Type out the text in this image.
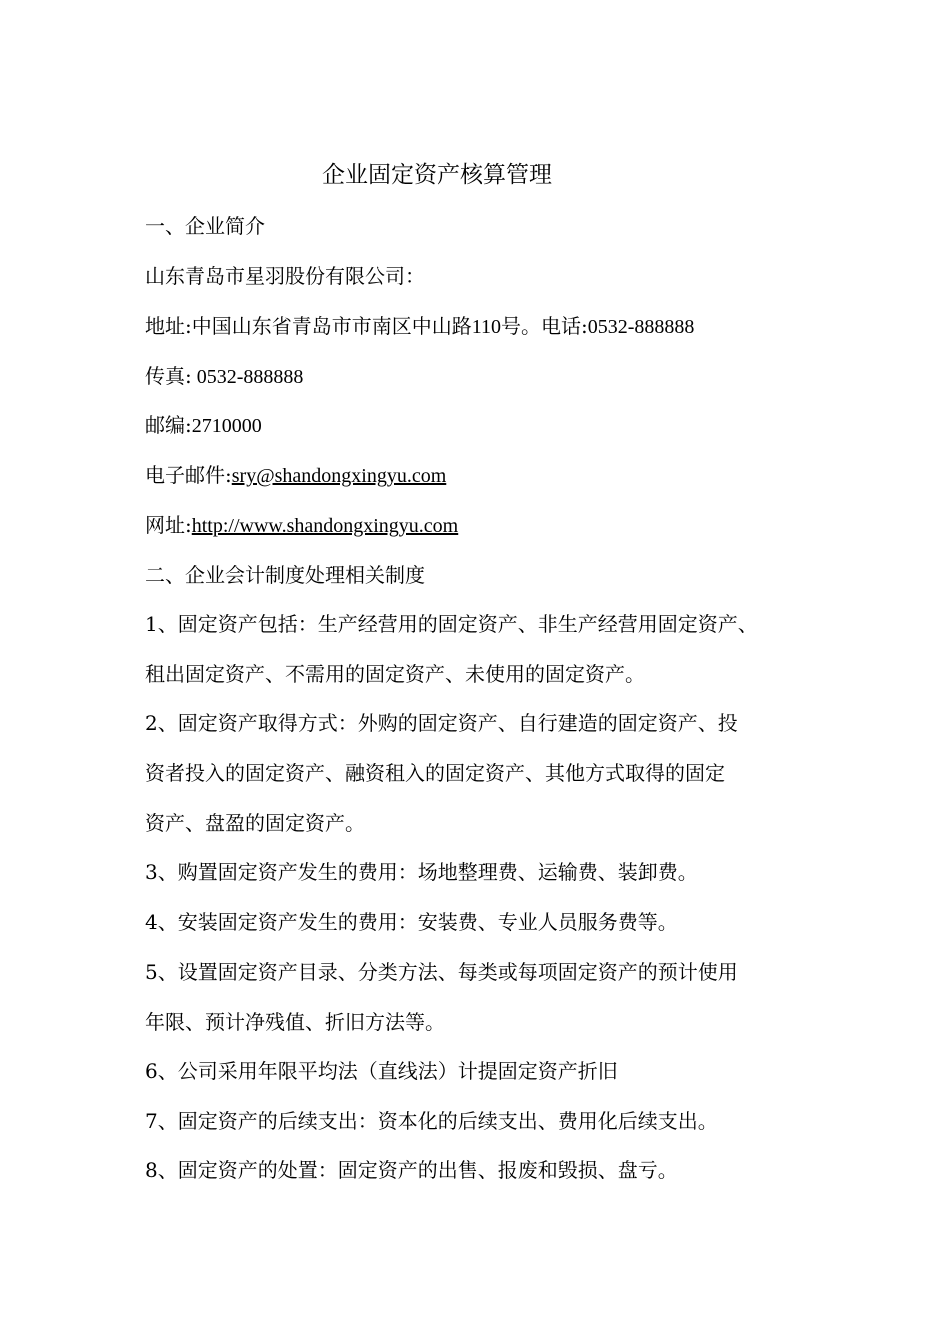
企业固定资产核算管理
一、企业简介
山东青岛市星羽股份有限公司：
地址:中国山东省青岛市市南区中山路110号。电话:0532-888888
传真: 0532-888888
邮编:2710000
电子邮件:sry@shandongxingyu.com
网址:http://www.shandongxingyu.com
二、企业会计制度处理相关制度
1、固定资产包括：生产经营用的固定资产、非生产经营用固定资产、
租出固定资产、不需用的固定资产、未使用的固定资产。
2、固定资产取得方式：外购的固定资产、自行建造的固定资产、投
资者投入的固定资产、融资租入的固定资产、其他方式取得的固定
资产、盘盈的固定资产。
3、购置固定资产发生的费用：场地整理费、运输费、装卸费。
4、安装固定资产发生的费用：安装费、专业人员服务费等。
5、设置固定资产目录、分类方法、每类或每项固定资产的预计使用
年限、预计净残值、折旧方法等。
6、公司采用年限平均法（直线法）计提固定资产折旧
7、固定资产的后续支出：资本化的后续支出、费用化后续支出。
8、固定资产的处置：固定资产的出售、报废和毁损、盘亏。
